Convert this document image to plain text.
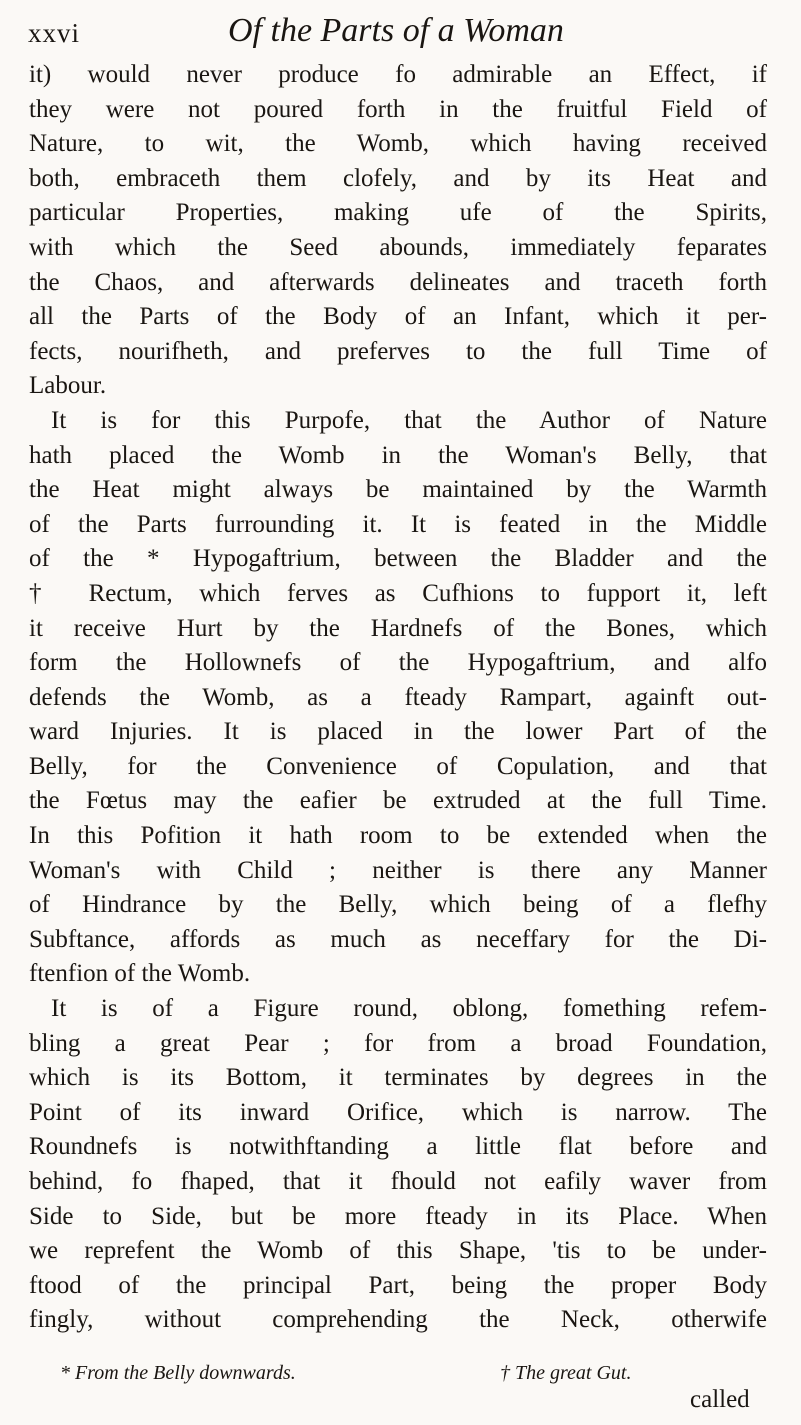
xxvi	Of the Parts of a Woman
it) would never produce fo admirable an Effect, if
they were not poured forth in the fruitful Field of
Nature, to wit, the Womb, which having received
both, embraceth them clofely, and by its Heat and
particular Properties, making ufe of the Spirits,
with which the Seed abounds, immediately feparates
the Chaos, and afterwards delineates and traceth forth
all the Parts of the Body of an Infant, which it per-
fects, nourifheth, and preferves to the full Time of
Labour.
It is for this Purpofe, that the Author of Nature
hath placed the Womb in the Woman's Belly, that
the Heat might always be maintained by the Warmth
of the Parts furrounding it. It is feated in the Middle
of the * Hypogaftrium, between the Bladder and the
† Rectum, which ferves as Cufhions to fupport it, left
it receive Hurt by the Hardnefs of the Bones, which
form the Hollownefs of the Hypogaftrium, and alfo
defends the Womb, as a fteady Rampart, againft out-
ward Injuries. It is placed in the lower Part of the
Belly, for the Convenience of Copulation, and that
the Fœtus may the eafier be extruded at the full Time.
In this Pofition it hath room to be extended when the
Woman's with Child ; neither is there any Manner
of Hindrance by the Belly, which being of a flefhy
Subftance, affords as much as neceffary for the Di-
ftenfion of the Womb.
It is of a Figure round, oblong, fomething refem-
bling a great Pear ; for from a broad Foundation,
which is its Bottom, it terminates by degrees in the
Point of its inward Orifice, which is narrow. The
Roundnefs is notwithftanding a little flat before and
behind, fo fhaped, that it fhould not eafily waver from
Side to Side, but be more fteady in its Place. When
we reprefent the Womb of this Shape, 'tis to be under-
ftood of the principal Part, being the proper Body
fingly, without comprehending the Neck, otherwife
* From the Belly downwards.	† The great Gut.
called
